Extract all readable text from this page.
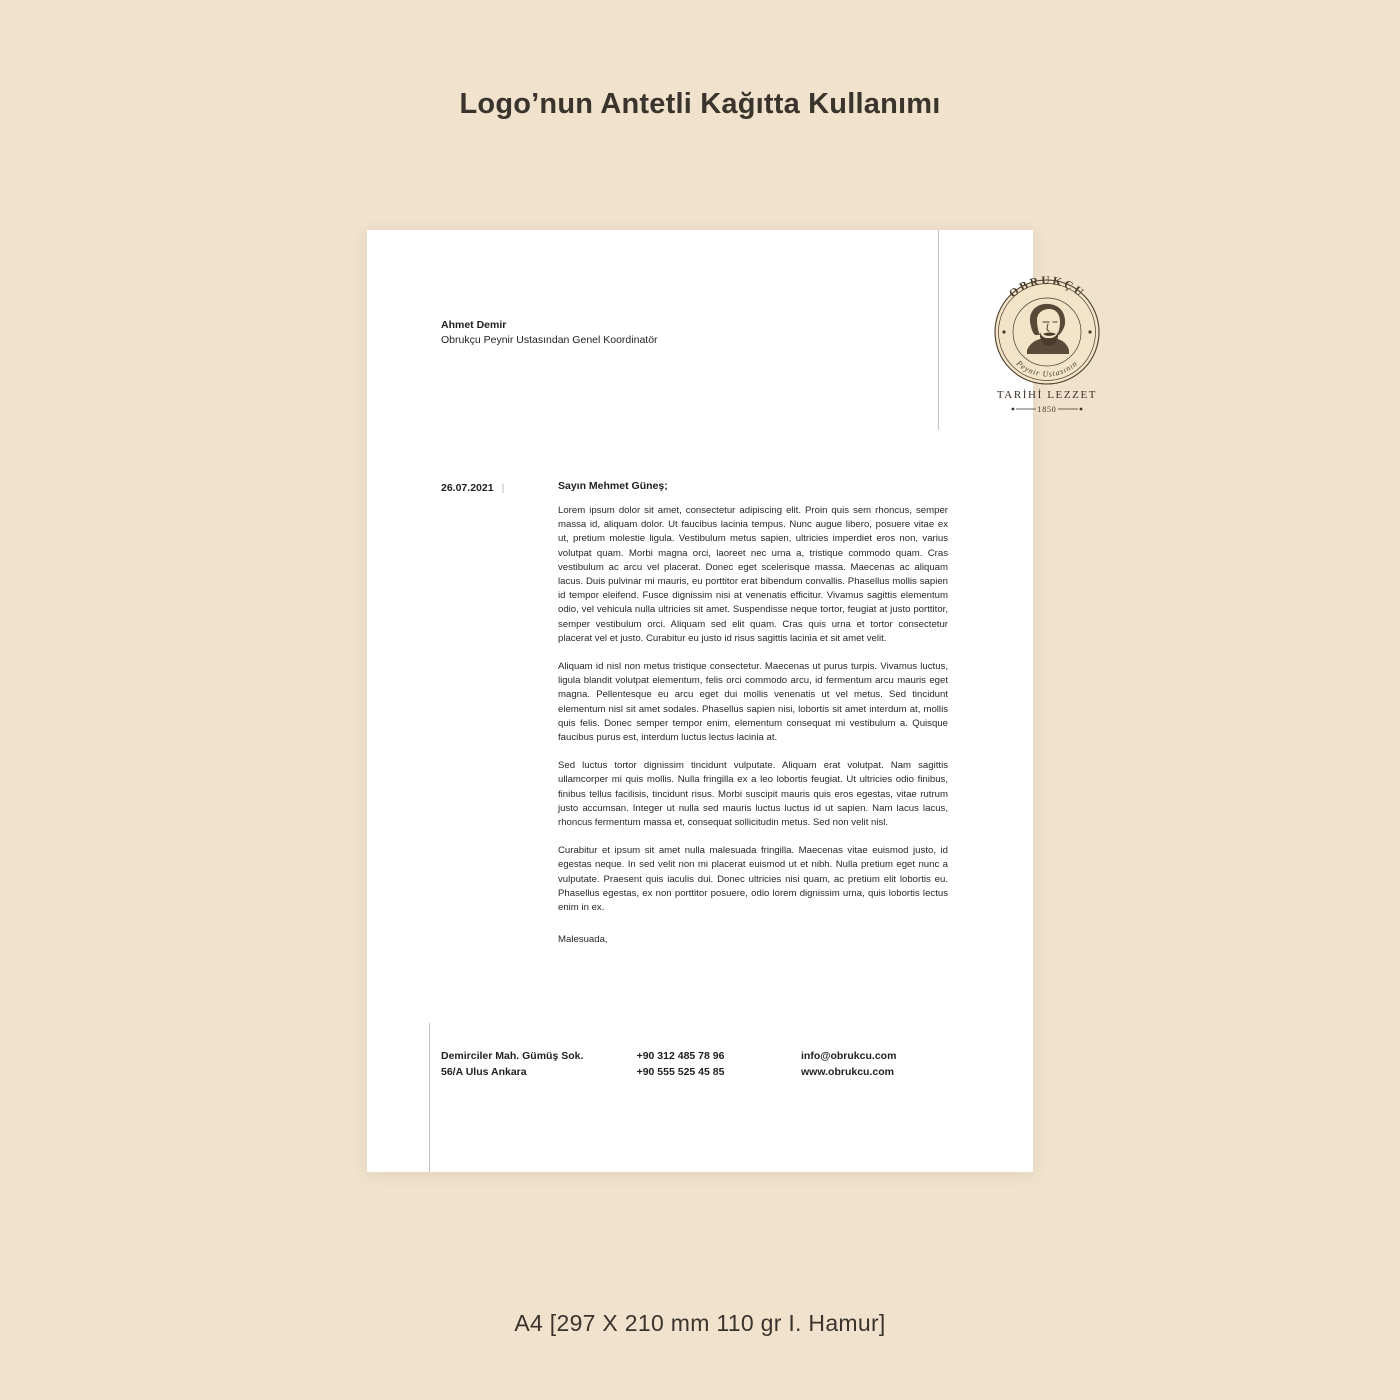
Logo’nun Antetli Kağıtta Kullanımı
Ahmet Demir
Obrukçu Peynir Ustasından Genel Koordinatör
OBRUKÇU
Peynir Ustasının
TARİHİ LEZZET
1850
26.07.2021 |	Sayın Mehmet Güneş;

Lorem ipsum dolor sit amet, consectetur adipiscing elit. Proin quis sem rhoncus, semper massa id, aliquam dolor. Ut faucibus lacinia tempus. Nunc augue libero, posuere vitae ex ut, pretium molestie ligula. Vestibulum metus sapien, ultricies imperdiet eros non, varius volutpat quam. Morbi magna orci, laoreet nec urna a, tristique commodo quam. Cras vestibulum ac arcu vel placerat. Donec eget scelerisque massa. Maecenas ac aliquam lacus. Duis pulvinar mi mauris, eu porttitor erat bibendum convallis. Phasellus mollis sapien id tempor eleifend. Fusce dignissim nisi at venenatis efficitur. Vivamus sagittis elementum odio, vel vehicula nulla ultricies sit amet. Suspendisse neque tortor, feugiat at justo porttitor, semper vestibulum orci. Aliquam sed elit quam. Cras quis urna et tortor consectetur placerat vel et justo. Curabitur eu justo id risus sagittis lacinia et sit amet velit.

Aliquam id nisl non metus tristique consectetur. Maecenas ut purus turpis. Vivamus luctus, ligula blandit volutpat elementum, felis orci commodo arcu, id fermentum arcu mauris eget magna. Pellentesque eu arcu eget dui mollis venenatis ut vel metus. Sed tincidunt elementum nisl sit amet sodales. Phasellus sapien nisi, lobortis sit amet interdum at, mollis quis felis. Donec semper tempor enim, elementum consequat mi vestibulum a. Quisque faucibus purus est, interdum luctus lectus lacinia at.

Sed luctus tortor dignissim tincidunt vulputate. Aliquam erat volutpat. Nam sagittis ullamcorper mi quis mollis. Nulla fringilla ex a leo lobortis feugiat. Ut ultricies odio finibus, finibus tellus facilisis, tincidunt risus. Morbi suscipit mauris quis eros egestas, vitae rutrum justo accumsan. Integer ut nulla sed mauris luctus luctus id ut sapien. Nam lacus lacus, rhoncus fermentum massa et, consequat sollicitudin metus. Sed non velit nisl.

Curabitur et ipsum sit amet nulla malesuada fringilla. Maecenas vitae euismod justo, id egestas neque. In sed velit non mi placerat euismod ut et nibh. Nulla pretium eget nunc a vulputate. Praesent quis iaculis dui. Donec ultricies nisi quam, ac pretium elit lobortis eu. Phasellus egestas, ex non porttitor posuere, odio lorem dignissim urna, quis lobortis lectus enim in ex.

Malesuada,

Demirciler Mah. Gümüş Sok.
56/A Ulus Ankara
+90 312 485 78 96
+90 555 525 45 85
info@obrukcu.com
www.obrukcu.com
A4 [297 X 210 mm 110 gr I. Hamur]
